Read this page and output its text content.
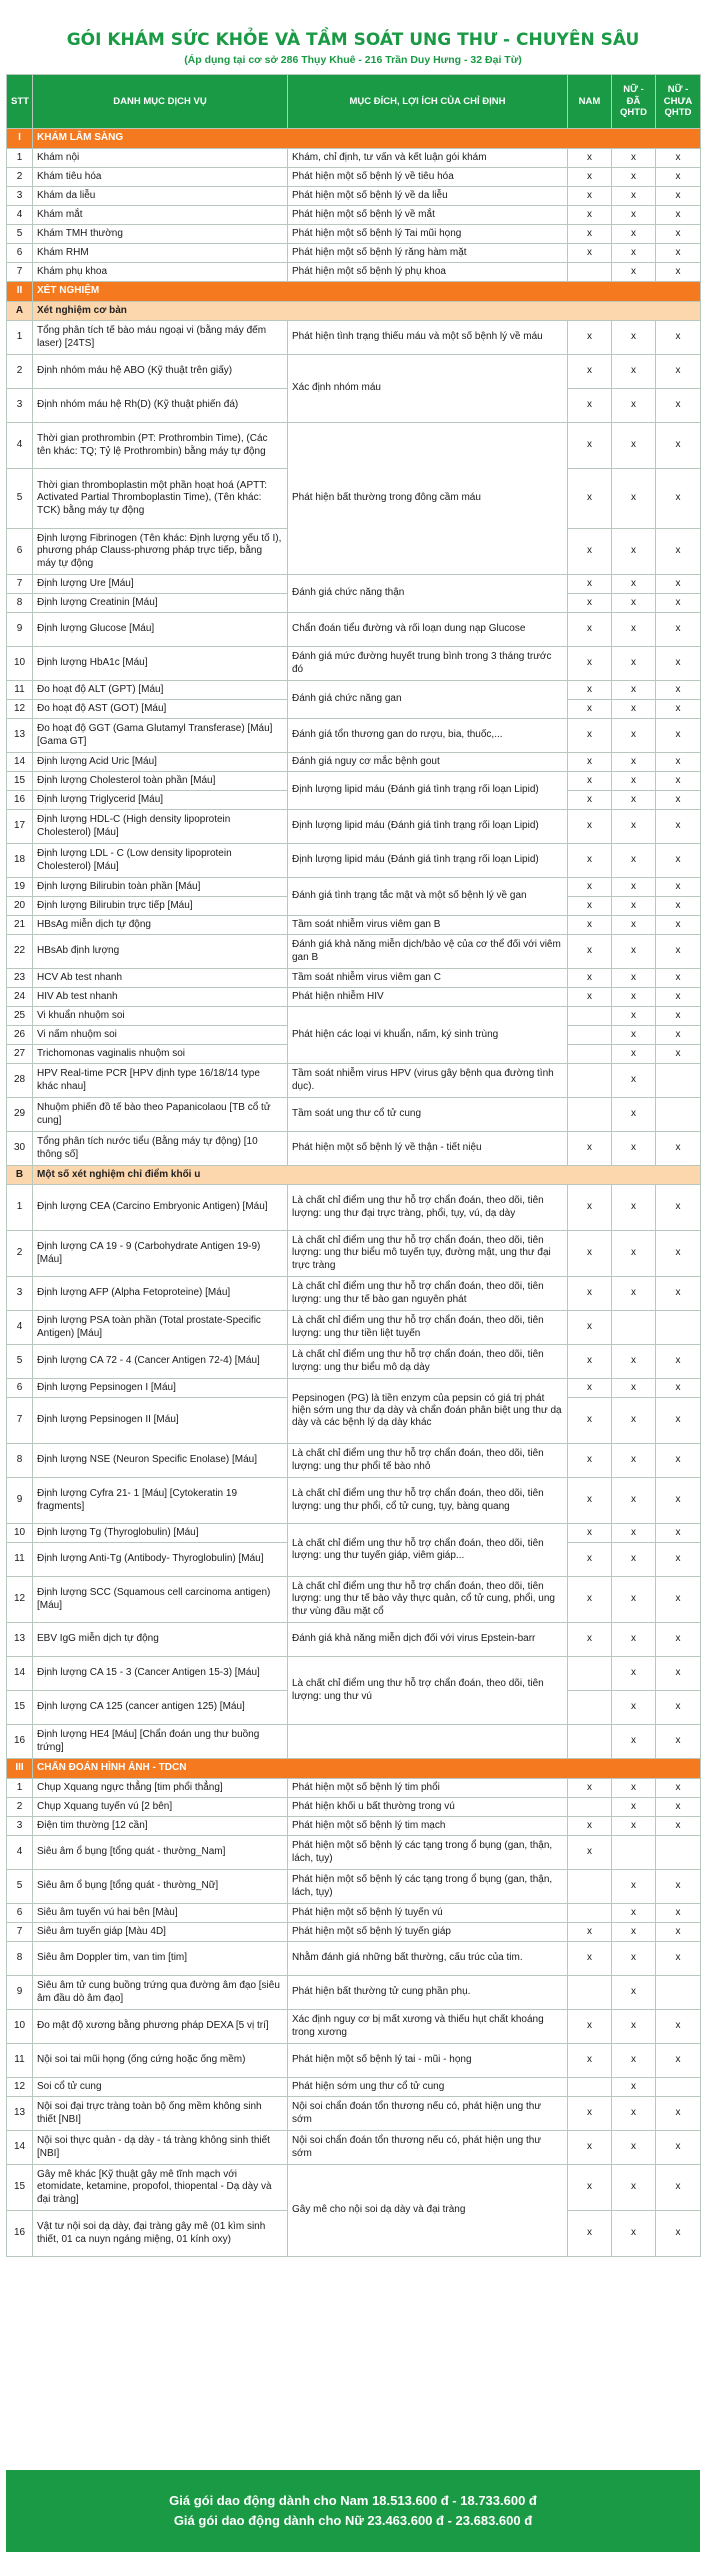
GÓI KHÁM SỨC KHỎE VÀ TẦM SOÁT UNG THƯ - CHUYÊN SÂU
(Áp dụng tại cơ sở 286 Thụy Khuê - 216 Trần Duy Hưng - 32 Đại Từ)
STT	DANH MỤC DỊCH VỤ	MỤC ĐÍCH, LỢI ÍCH CỦA CHỈ ĐỊNH	NAM	NỮ - ĐÃ QHTD	NỮ - CHƯA QHTD
I	KHÁM LÂM SÀNG				
1	Khám nội	Khám, chỉ định, tư vấn và kết luận gói khám	x	x	x
2	Khám tiêu hóa	Phát hiện một số bệnh lý về tiêu hóa	x	x	x
3	Khám da liễu	Phát hiện một số bệnh lý về da liễu	x	x	x
4	Khám mắt	Phát hiện một số bệnh lý về mắt	x	x	x
5	Khám TMH thường	Phát hiện một số bệnh lý Tai mũi họng	x	x	x
6	Khám RHM	Phát hiện một số bệnh lý răng hàm mặt	x	x	x
7	Khám phụ khoa	Phát hiện một số bệnh lý phụ khoa		x	x
II	XÉT NGHIỆM				
A	Xét nghiệm cơ bản				
1	Tổng phân tích tế bào máu ngoại vi (bằng máy đếm laser) [24TS]	Phát hiện tình trạng thiếu máu và một số bệnh lý về máu	x	x	x
2	Định nhóm máu hệ ABO (Kỹ thuật trên giấy)	Xác định nhóm máu	x	x	x
3	Định nhóm máu hệ Rh(D) (Kỹ thuật phiến đá)		x	x	x
4	Thời gian prothrombin (PT: Prothrombin Time), (Các tên khác: TQ; Tỷ lệ Prothrombin) bằng máy tự động	Phát hiện bất thường trong đông cầm máu	x	x	x
5	Thời gian thromboplastin một phần hoạt hoá (APTT: Activated Partial Thromboplastin Time), (Tên khác: TCK) bằng máy tự động		x	x	x
6	Định lượng Fibrinogen (Tên khác: Định lượng yếu tố I), phương pháp Clauss-phương pháp trực tiếp, bằng máy tự động		x	x	x
7	Định lượng Ure [Máu]	Đánh giá chức năng thận	x	x	x
8	Định lượng Creatinin [Máu]		x	x	x
9	Định lượng Glucose [Máu]	Chẩn đoán tiểu đường và rối loạn dung nạp Glucose	x	x	x
10	Định lượng HbA1c [Máu]	Đánh giá mức đường huyết trung bình trong 3 tháng trước đó	x	x	x
11	Đo hoạt độ ALT (GPT) [Máu]	Đánh giá chức năng gan	x	x	x
12	Đo hoạt độ AST (GOT) [Máu]		x	x	x
13	Đo hoạt độ GGT (Gama Glutamyl Transferase) [Máu] [Gama GT]	Đánh giá tổn thương gan do rượu, bia, thuốc,...	x	x	x
14	Định lượng Acid Uric [Máu]	Đánh giá nguy cơ mắc bệnh gout	x	x	x
15	Định lượng Cholesterol toàn phần [Máu]	Định lượng lipid máu (Đánh giá tình trạng rối loạn Lipid)	x	x	x
16	Định lượng Triglycerid [Máu]		x	x	x
17	Định lượng HDL-C (High density lipoprotein Cholesterol) [Máu]	Định lượng lipid máu (Đánh giá tình trạng rối loạn Lipid)	x	x	x
18	Định lượng LDL - C (Low density lipoprotein Cholesterol) [Máu]	Định lượng lipid máu (Đánh giá tình trạng rối loạn Lipid)	x	x	x
19	Định lượng Bilirubin toàn phần [Máu]	Đánh giá tình trạng tắc mật và một số bệnh lý về gan	x	x	x
20	Định lượng Bilirubin trực tiếp [Máu]		x	x	x
21	HBsAg miễn dịch tự động	Tầm soát nhiễm virus viêm gan B	x	x	x
22	HBsAb định lượng	Đánh giá khả năng miễn dịch/bảo vệ của cơ thể đối với viêm gan B	x	x	x
23	HCV Ab test nhanh	Tầm soát nhiễm virus viêm gan C	x	x	x
24	HIV Ab test nhanh	Phát hiện nhiễm HIV	x	x	x
25	Vi khuẩn nhuộm soi	Phát hiện các loại vi khuẩn, nấm, ký sinh trùng		x	x
26	Vi nấm nhuộm soi			x	x
27	Trichomonas vaginalis nhuộm soi			x	x
28	HPV Real-time PCR [HPV định type 16/18/14 type khác nhau]	Tầm soát nhiễm virus HPV (virus gây bệnh qua đường tình dục).		x	
29	Nhuộm phiến đồ tế bào theo Papanicolaou [TB cổ tử cung]	Tầm soát ung thư cổ tử cung		x	
30	Tổng phân tích nước tiểu (Bằng máy tự động) [10 thông số]	Phát hiện một số bệnh lý về thận - tiết niệu	x	x	x
B	Một số xét nghiệm chỉ điểm khối u				
1	Định lượng CEA (Carcino Embryonic Antigen) [Máu]	Là chất chỉ điểm ung thư hỗ trợ chẩn đoán, theo dõi, tiên lượng: ung thư đại trực tràng, phổi, tụy, vú, dạ dày	x	x	x
2	Định lượng CA 19 - 9 (Carbohydrate Antigen 19-9) [Máu]	Là chất chỉ điểm ung thư hỗ trợ chẩn đoán, theo dõi, tiên lượng: ung thư biểu mô tuyến tụy, đường mật, ung thư đại trực tràng	x	x	x
3	Định lượng AFP (Alpha Fetoproteine) [Máu]	Là chất chỉ điểm ung thư hỗ trợ chẩn đoán, theo dõi, tiên lượng: ung thư tế bào gan nguyên phát	x	x	x
4	Định lượng PSA toàn phần (Total prostate-Specific Antigen) [Máu]	Là chất chỉ điểm ung thư hỗ trợ chẩn đoán, theo dõi, tiên lượng: ung thư tiền liệt tuyến	x		
5	Định lượng CA 72 - 4 (Cancer Antigen 72-4) [Máu]	Là chất chỉ điểm ung thư hỗ trợ chẩn đoán, theo dõi, tiên lượng: ung thư biểu mô dạ dày	x	x	x
6	Định lượng Pepsinogen I [Máu]	Pepsinogen (PG) là tiền enzym của pepsin có giá trị phát hiện sớm ung thư dạ dày và chẩn đoán phân biệt ung thư dạ dày và các bệnh lý dạ dày khác	x	x	x
7	Định lượng Pepsinogen II [Máu]		x	x	x
8	Định lượng NSE (Neuron Specific Enolase) [Máu]	Là chất chỉ điểm ung thư hỗ trợ chẩn đoán, theo dõi, tiên lượng: ung thư phổi tế bào nhỏ	x	x	x
9	Định lượng Cyfra 21- 1 [Máu] [Cytokeratin 19 fragments]	Là chất chỉ điểm ung thư hỗ trợ chẩn đoán, theo dõi, tiên lượng: ung thư phổi, cổ tử cung, tụy, bàng quang	x	x	x
10	Định lượng Tg (Thyroglobulin) [Máu]	Là chất chỉ điểm ung thư hỗ trợ chẩn đoán, theo dõi, tiên lượng: ung thư tuyến giáp, viêm giáp...	x	x	x
11	Định lượng Anti-Tg (Antibody- Thyroglobulin) [Máu]		x	x	x
12	Định lượng SCC (Squamous cell carcinoma antigen) [Máu]	Là chất chỉ điểm ung thư hỗ trợ chẩn đoán, theo dõi, tiên lượng: ung thư tế bào vảy thực quản, cổ tử cung, phổi, ung thư vùng đầu mặt cổ	x	x	x
13	EBV IgG miễn dịch tự động	Đánh giá khả năng miễn dịch đối với virus Epstein-barr	x	x	x
14	Định lượng CA 15 - 3 (Cancer Antigen 15-3) [Máu]	Là chất chỉ điểm ung thư hỗ trợ chẩn đoán, theo dõi, tiên lượng: ung thư vú		x	x
15	Định lượng CA 125 (cancer antigen 125) [Máu]			x	x
16	Định lượng HE4 [Máu] [Chẩn đoán ung thư buồng trứng]			x	x
III	CHẨN ĐOÁN HÌNH ẢNH - TDCN				
1	Chụp Xquang ngực thẳng [tim phổi thẳng]	Phát hiện một số bệnh lý tim phổi	x	x	x
2	Chụp Xquang tuyến vú [2 bên]	Phát hiện khối u bất thường trong vú		x	x
3	Điện tim thường [12 cần]	Phát hiện một số bệnh lý tim mạch	x	x	x
4	Siêu âm ổ bụng [tổng quát - thường_Nam]	Phát hiện một số bệnh lý các tạng trong ổ bụng (gan, thận, lách, tụy)	x		
5	Siêu âm ổ bụng [tổng quát - thường_Nữ]	Phát hiện một số bệnh lý các tạng trong ổ bụng (gan, thận, lách, tụy)		x	x
6	Siêu âm tuyến vú hai bên [Màu]	Phát hiện một số bệnh lý tuyến vú		x	x
7	Siêu âm tuyến giáp [Màu 4D]	Phát hiện một số bệnh lý tuyến giáp	x	x	x
8	Siêu âm Doppler tim, van tim [tim]	Nhằm đánh giá những bất thường, cấu trúc của tim.	x	x	x
9	Siêu âm tử cung buồng trứng qua đường âm đạo [siêu âm đầu dò âm đạo]	Phát hiện bất thường tử cung phần phụ.		x	
10	Đo mật độ xương bằng phương pháp DEXA [5 vị trí]	Xác định nguy cơ bị mất xương và thiếu hụt chất khoáng trong xương	x	x	x
11	Nội soi tai mũi họng (ống cứng hoặc ống mềm)	Phát hiện một số bệnh lý tai - mũi - họng	x	x	x
12	Soi cổ tử cung	Phát hiện sớm ung thư cổ tử cung		x	
13	Nội soi đại trực tràng toàn bộ ống mềm không sinh thiết [NBI]	Nội soi chẩn đoán tổn thương nếu có, phát hiện ung thư sớm	x	x	x
14	Nội soi thực quản - dạ dày - tá tràng không sinh thiết [NBI]	Nội soi chẩn đoán tổn thương nếu có, phát hiện ung thư sớm	x	x	x
15	Gây mê khác [Kỹ thuật gây mê tĩnh mạch với etomidate, ketamine, propofol, thiopental - Dạ dày và đại tràng]	Gây mê cho nội soi dạ dày và đại tràng	x	x	x
16	Vật tư nội soi dạ dày, đại tràng gây mê (01 kìm sinh thiết, 01 ca nuyn ngáng miệng, 01 kính oxy)		x	x	x
Giá gói dao động dành cho Nam 18.513.600 đ - 18.733.600 đ
Giá gói dao động dành cho Nữ 23.463.600 đ - 23.683.600 đ
